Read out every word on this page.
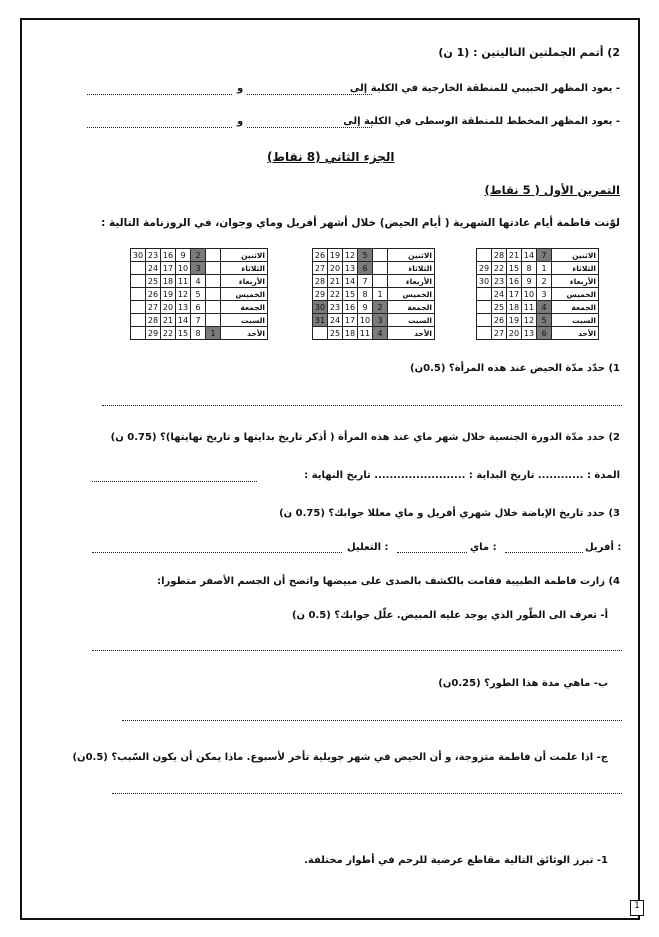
2) أتمم الجملتين التاليتين : (1 ن)
- يعود المظهر الحبيبي للمنطقة الخارجية في الكلية إلى
و
- يعود المظهر المخطط للمنطقة الوسطى في الكلية إلى
و
الجزء الثاني (8 نقاط)
التمرين الأول ( 5 نقاط)
لوّنت فاطمة أيام عادتها الشهرية ( أيام الحيض) خلال أشهر أفريل وماي وجوان، في الروزنامة التالية :
الاثنين	7	14	21	28	
الثلاثاء	1	8	15	22	29
الأربعاء	2	9	16	23	30
الخميس	3	10	17	24	
الجمعة	4	11	18	25	
السبت	5	12	19	26	
الأحد	6	13	20	27	
الاثنين		5	12	19	26
الثلاثاء		6	13	20	27
الأربعاء		7	14	21	28
الخميس	1	8	15	22	29
الجمعة	2	9	16	23	30
السبت	3	10	17	24	31
الأحد	4	11	18	25	
الاثنين		2	9	16	23	30
الثلاثاء		3	10	17	24	
الأربعاء		4	11	18	25	
الخميس		5	12	19	26	
الجمعة		6	13	20	27	
السبت		7	14	21	28	
الأحد	1	8	15	22	29	
1) حدّد مدّة الحيض عند هذه المرأة؟ (0.5ن)
2) حدد مدّة الدورة الجنسية خلال شهر ماي عند هذه المرأة ( أذكر تاريخ بدايتها و تاريخ نهايتها)؟ (0.75 ن)
المدة : ............ تاريخ البداية : ........................ تاريخ النهاية :
3) حدد تاريخ الإباضة خلال شهري أفريل و ماي معللا جوابك؟ (0.75 ن)
أفريل :
ماي :
التعليل :
4) زارت فاطمة الطبيبة فقامت بالكشف بالصدى على مبيضها واتضح أن الجسم الأصفر متطورا:
أ- تعرف الى الطّور الذي يوجد عليه المبيض. علّل جوابك؟ (0.5 ن)
ب- ماهي مدة هذا الطور؟ (0.25ن)
ج- اذا علمت أن فاطمة متزوجة، و أن الحيض في شهر جويلية تأخر لأسبوع. ماذا يمكن أن يكون السّبب؟ (0.5ن)
1- تبرز الوثائق التالية مقاطع عرضية للرحم في أطوار مختلفة.
1
